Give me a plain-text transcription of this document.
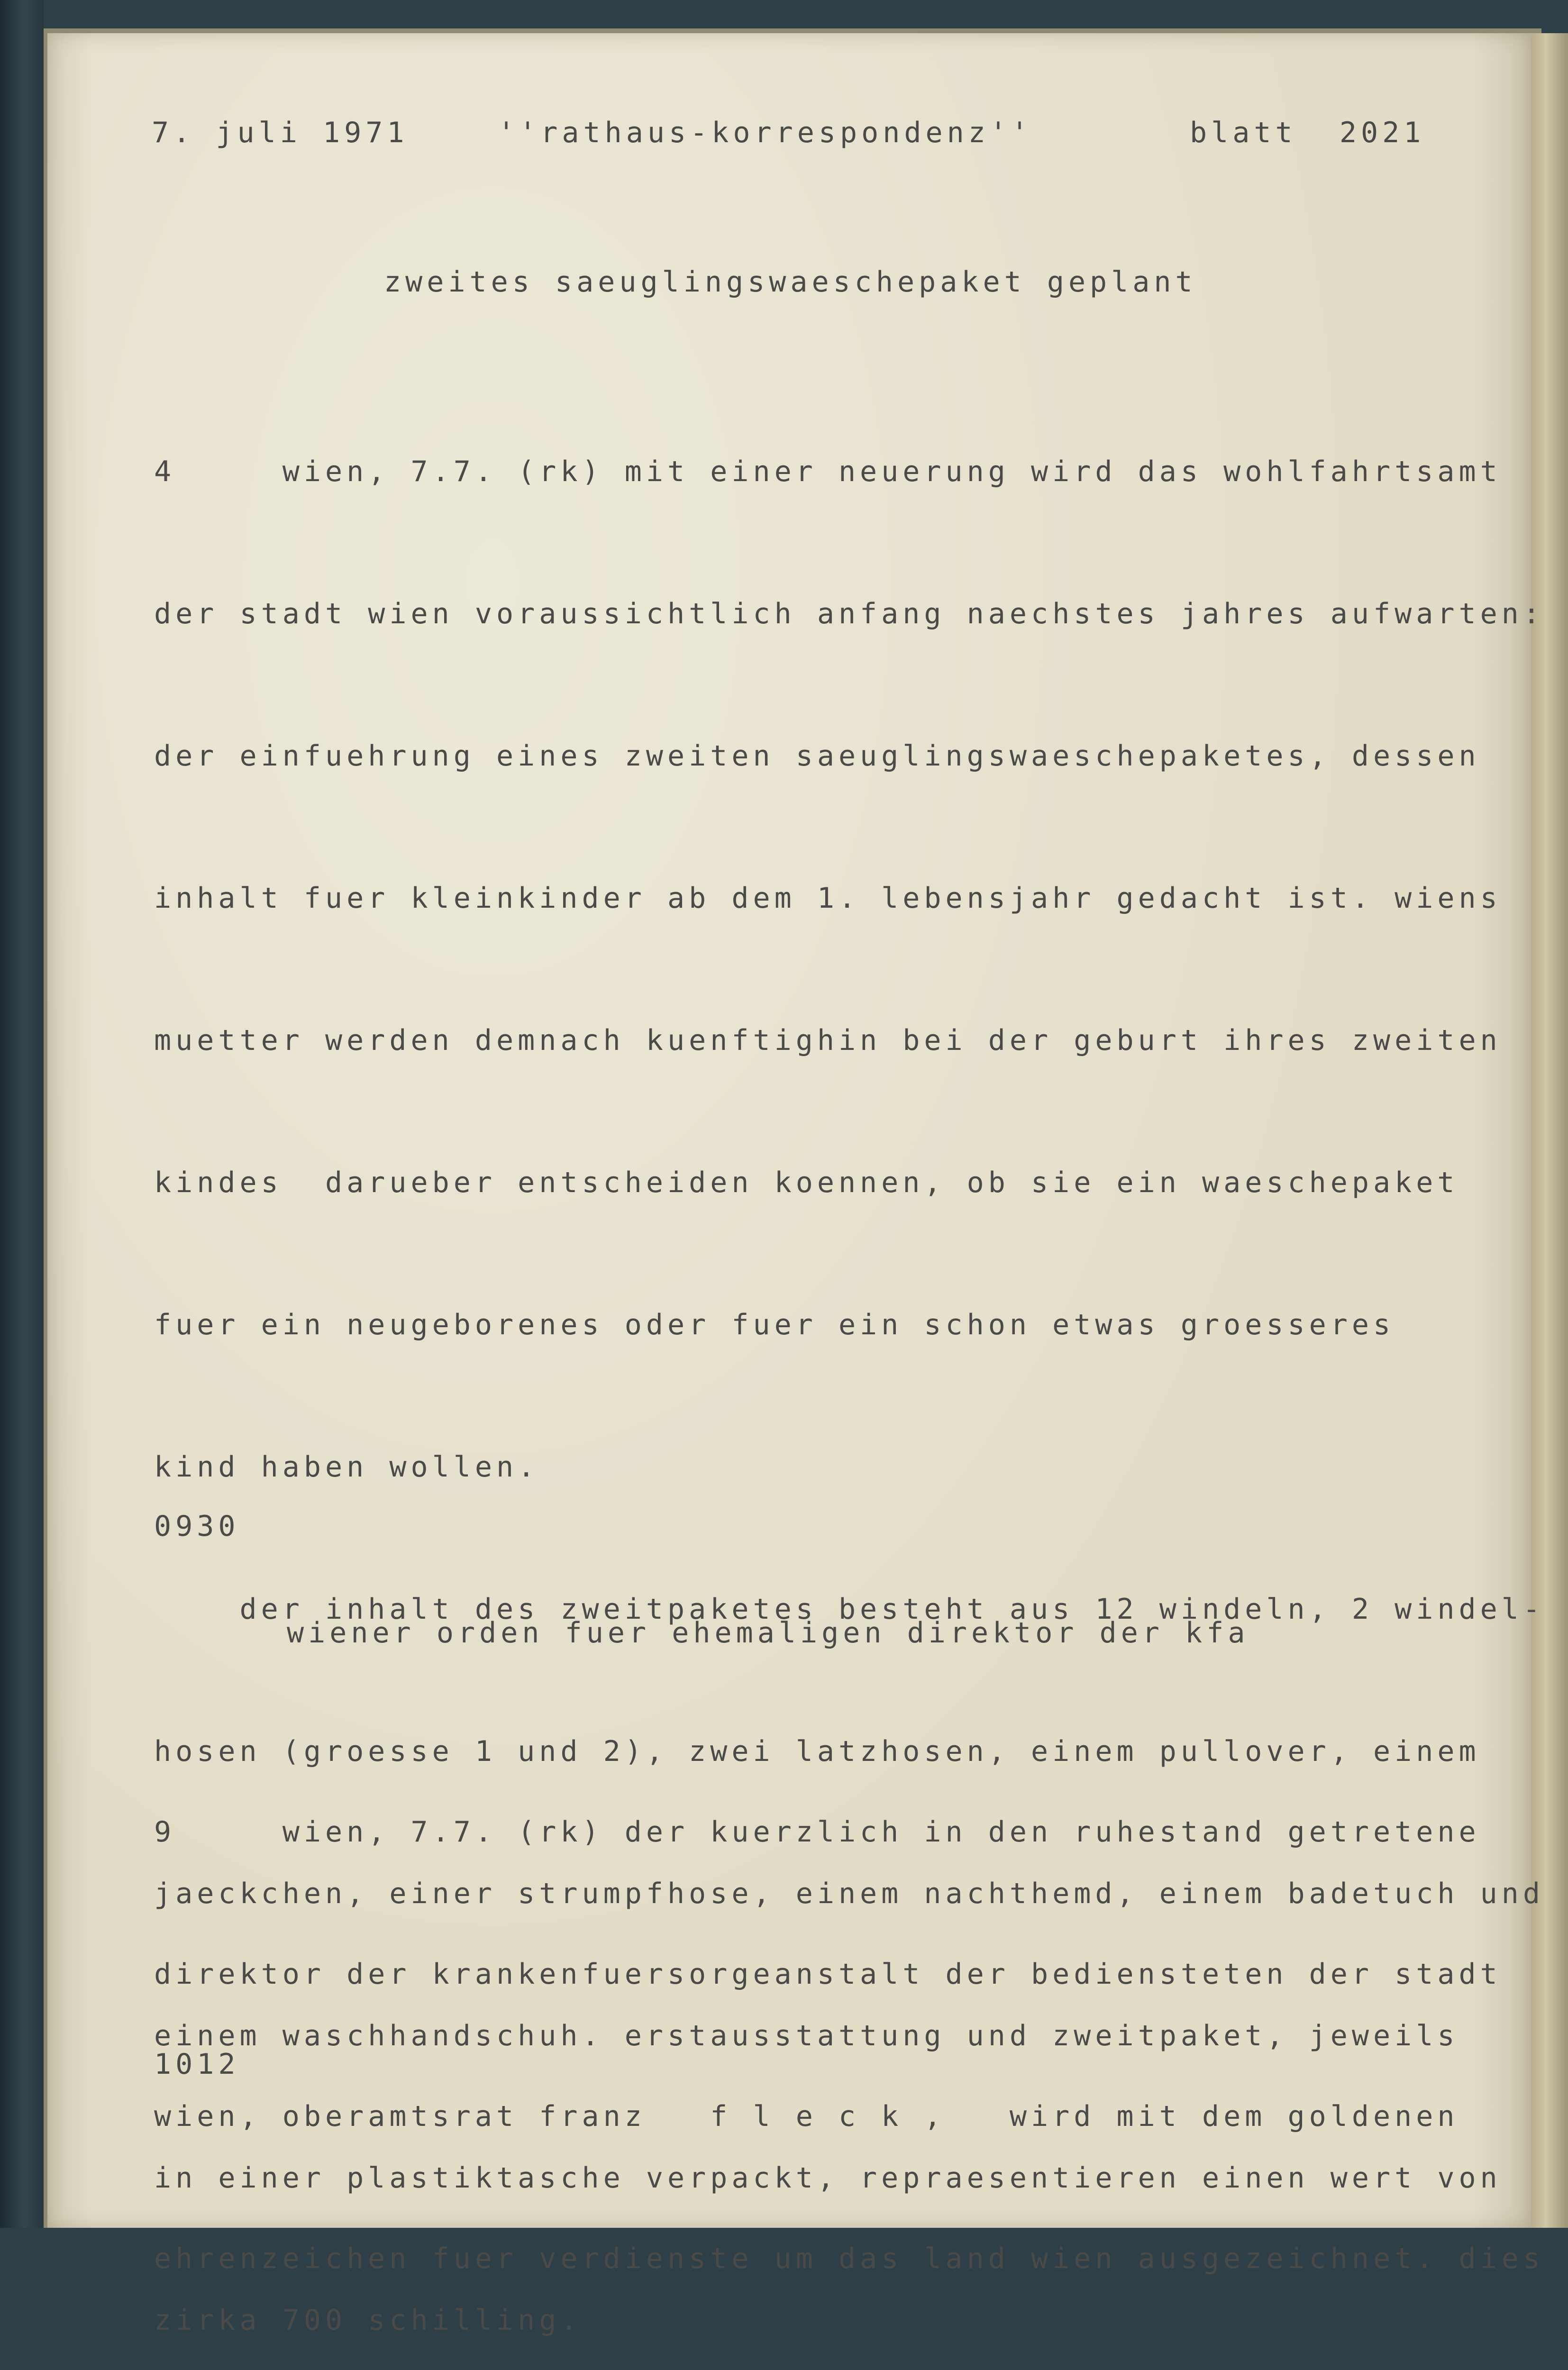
7. juli 1971	''rathaus-korrespondenz''	blatt  2021

zweites saeuglingswaeschepaket geplant

4     wien, 7.7. (rk) mit einer neuerung wird das wohlfahrtsamt

der stadt wien voraussichtlich anfang naechstes jahres aufwarten:

der einfuehrung eines zweiten saeuglingswaeschepaketes, dessen

inhalt fuer kleinkinder ab dem 1. lebensjahr gedacht ist. wiens

muetter werden demnach kuenftighin bei der geburt ihres zweiten

kindes  darueber entscheiden koennen, ob sie ein waeschepaket

fuer ein neugeborenes oder fuer ein schon etwas groesseres

kind haben wollen.

der inhalt des zweitpaketes besteht aus 12 windeln, 2 windel-

hosen (groesse 1 und 2), zwei latzhosen, einem pullover, einem

jaeckchen, einer strumpfhose, einem nachthemd, einem badetuch und

einem waschhandschuh. erstausstattung und zweitpaket, jeweils

in einer plastiktasche verpackt, repraesentieren einen wert von

zirka 700 schilling.

0930

wiener orden fuer ehemaligen direktor der kfa

9     wien, 7.7. (rk) der kuerzlich in den ruhestand getretene

direktor der krankenfuersorgeanstalt der bediensteten der stadt

wien, oberamtsrat franz   f l e c k ,   wird mit dem goldenen

ehrenzeichen fuer verdienste um das land wien ausgezeichnet. dies

1012
